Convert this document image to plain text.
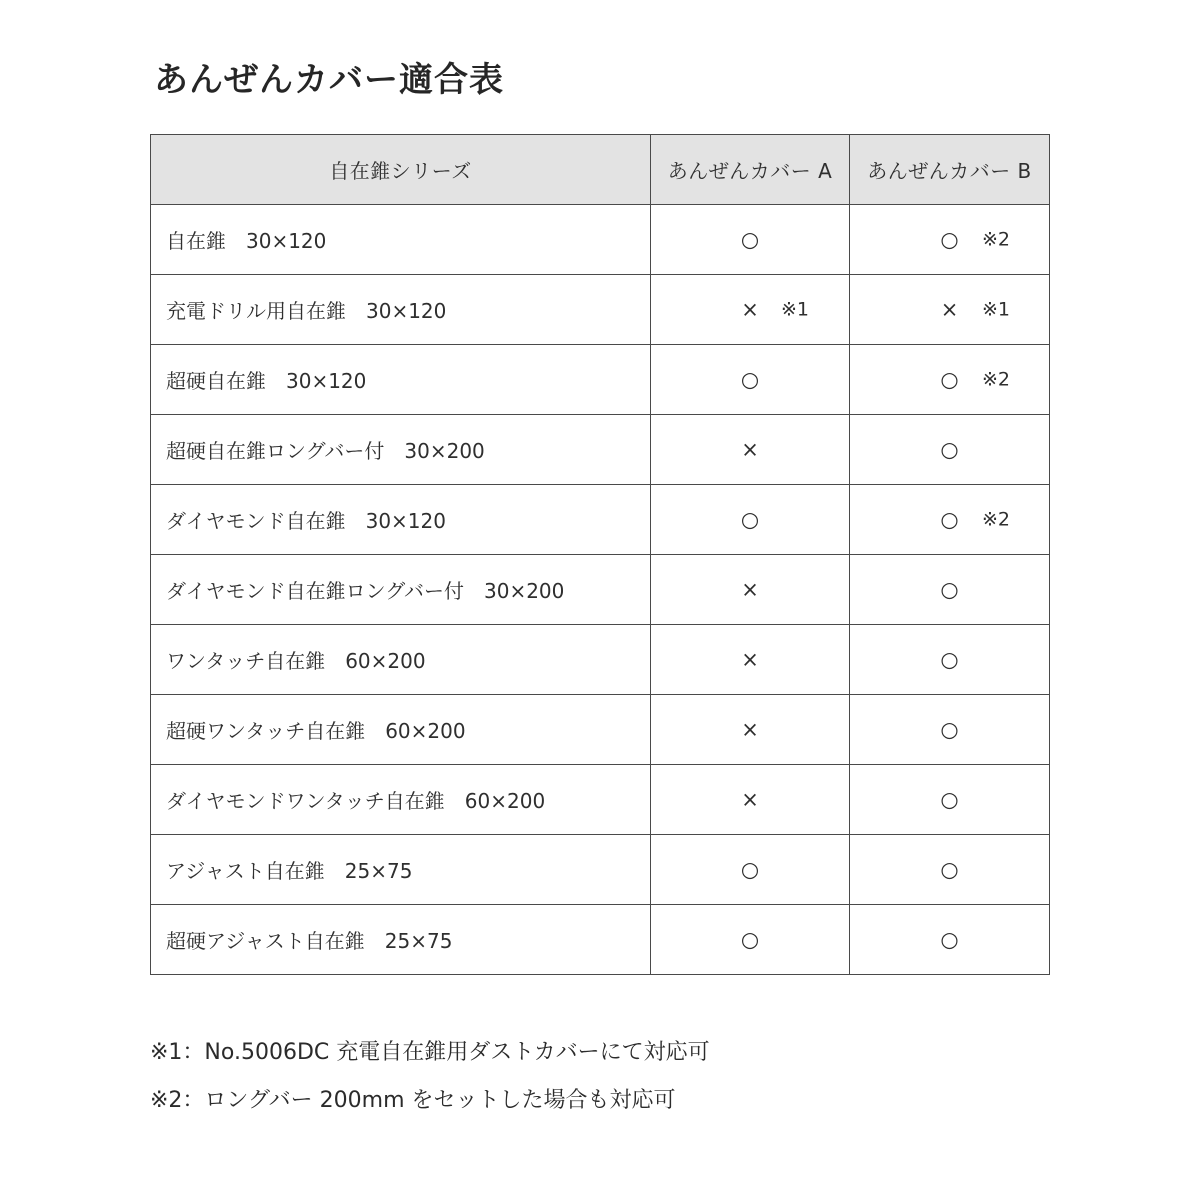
あんぜんカバー適合表
自在錐シリーズ	あんぜんカバー A	あんぜんカバー B
自在錐　30×120	○	○ ※2

充電ドリル用自在錐　30×120	× ※1	× ※1

超硬自在錐　30×120	○	○ ※2

超硬自在錐ロングバー付　30×200	×	○

ダイヤモンド自在錐　30×120	○	○ ※2

ダイヤモンド自在錐ロングバー付　30×200	×	○

ワンタッチ自在錐　60×200	×	○

超硬ワンタッチ自在錐　60×200	×	○

ダイヤモンドワンタッチ自在錐　60×200	×	○

アジャスト自在錐　25×75	○	○

超硬アジャスト自在錐　25×75	○	○
※1：No.5006DC 充電自在錐用ダストカバーにて対応可
※2：ロングバー 200mm をセットした場合も対応可
